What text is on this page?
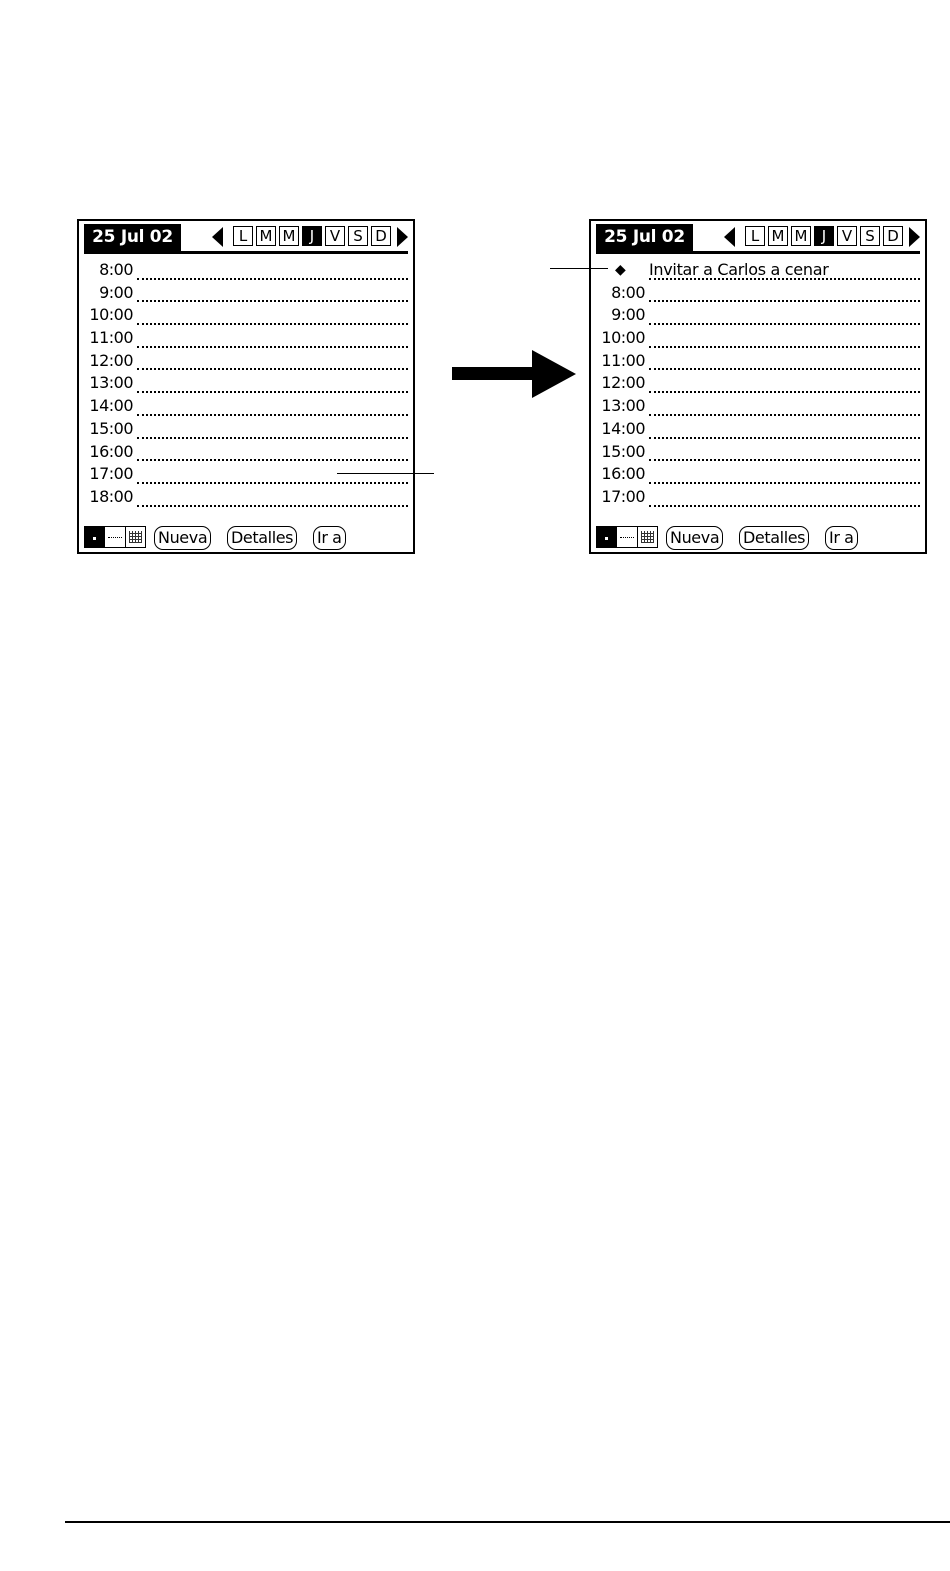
25 Jul 02	L M M J	V S D
8:00
9:00
10:00
11:00
12:00
13:00
14:00
15:00
16:00
17:00
18:00
Nueva Detalles Ir a
25 Jul 02	L M M J	V S D
◆ Invitar a Carlos a cenar
8:00
9:00
10:00
11:00
12:00
13:00
14:00
15:00
16:00
17:00
Nueva Detalles Ir a
